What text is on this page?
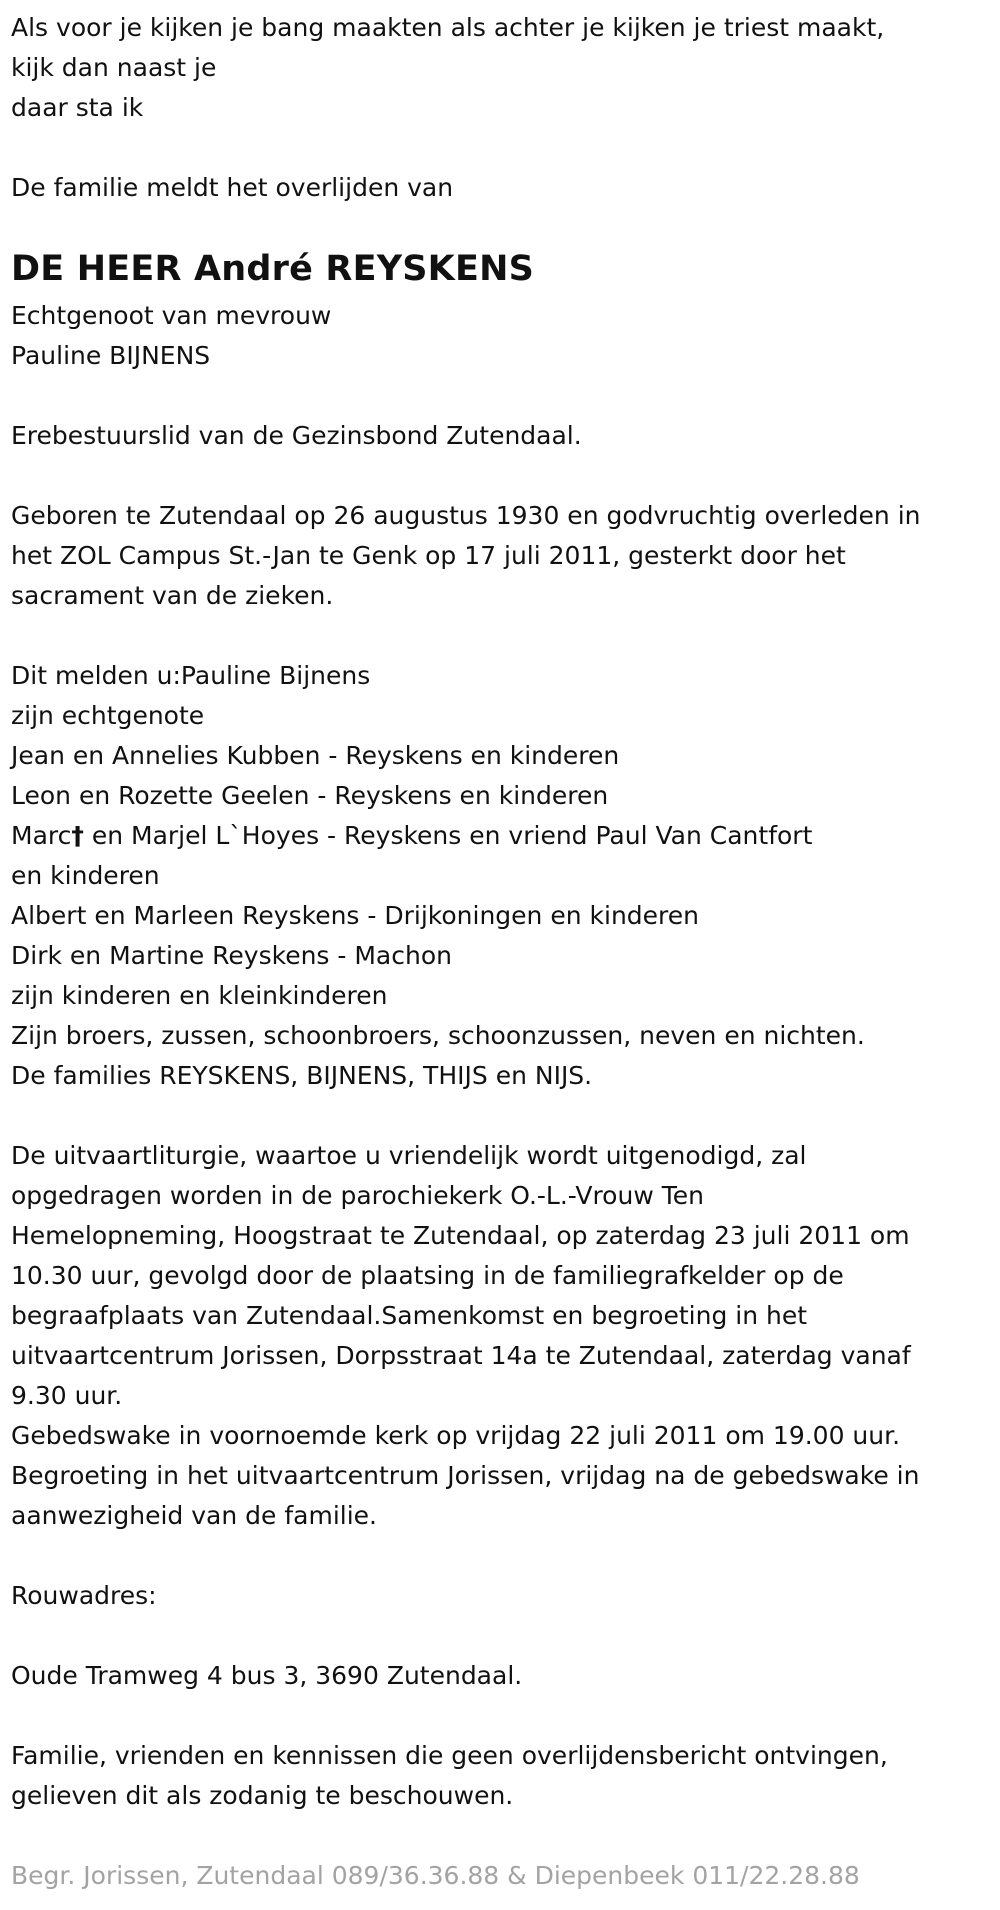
Als voor je kijken je bang maakten als achter je kijken je triest maakt,
kijk dan naast je
daar sta ik
De familie meldt het overlijden van
DE HEER André REYSKENS
Echtgenoot van mevrouw
Pauline BIJNENS
Erebestuurslid van de Gezinsbond Zutendaal.
Geboren te Zutendaal op 26 augustus 1930 en godvruchtig overleden in
het ZOL Campus St.-Jan te Genk op 17 juli 2011, gesterkt door het
sacrament van de zieken.
Dit melden u:Pauline Bijnens
zijn echtgenote
Jean en Annelies Kubben - Reyskens en kinderen
Leon en Rozette Geelen - Reyskens en kinderen
Marc† en Marjel L`Hoyes - Reyskens en vriend Paul Van Cantfort
en kinderen
Albert en Marleen Reyskens - Drijkoningen en kinderen
Dirk en Martine Reyskens - Machon
zijn kinderen en kleinkinderen
Zijn broers, zussen, schoonbroers, schoonzussen, neven en nichten.
De families REYSKENS, BIJNENS, THIJS en NIJS.
De uitvaartliturgie, waartoe u vriendelijk wordt uitgenodigd, zal
opgedragen worden in de parochiekerk O.-L.-Vrouw Ten
Hemelopneming, Hoogstraat te Zutendaal, op zaterdag 23 juli 2011 om
10.30 uur, gevolgd door de plaatsing in de familiegrafkelder op de
begraafplaats van Zutendaal.Samenkomst en begroeting in het
uitvaartcentrum Jorissen, Dorpsstraat 14a te Zutendaal, zaterdag vanaf
9.30 uur.
Gebedswake in voornoemde kerk op vrijdag 22 juli 2011 om 19.00 uur.
Begroeting in het uitvaartcentrum Jorissen, vrijdag na de gebedswake in
aanwezigheid van de familie.
Rouwadres:
Oude Tramweg 4 bus 3, 3690 Zutendaal.
Familie, vrienden en kennissen die geen overlijdensbericht ontvingen,
gelieven dit als zodanig te beschouwen.
Begr. Jorissen, Zutendaal 089/36.36.88 & Diepenbeek 011/22.28.88
